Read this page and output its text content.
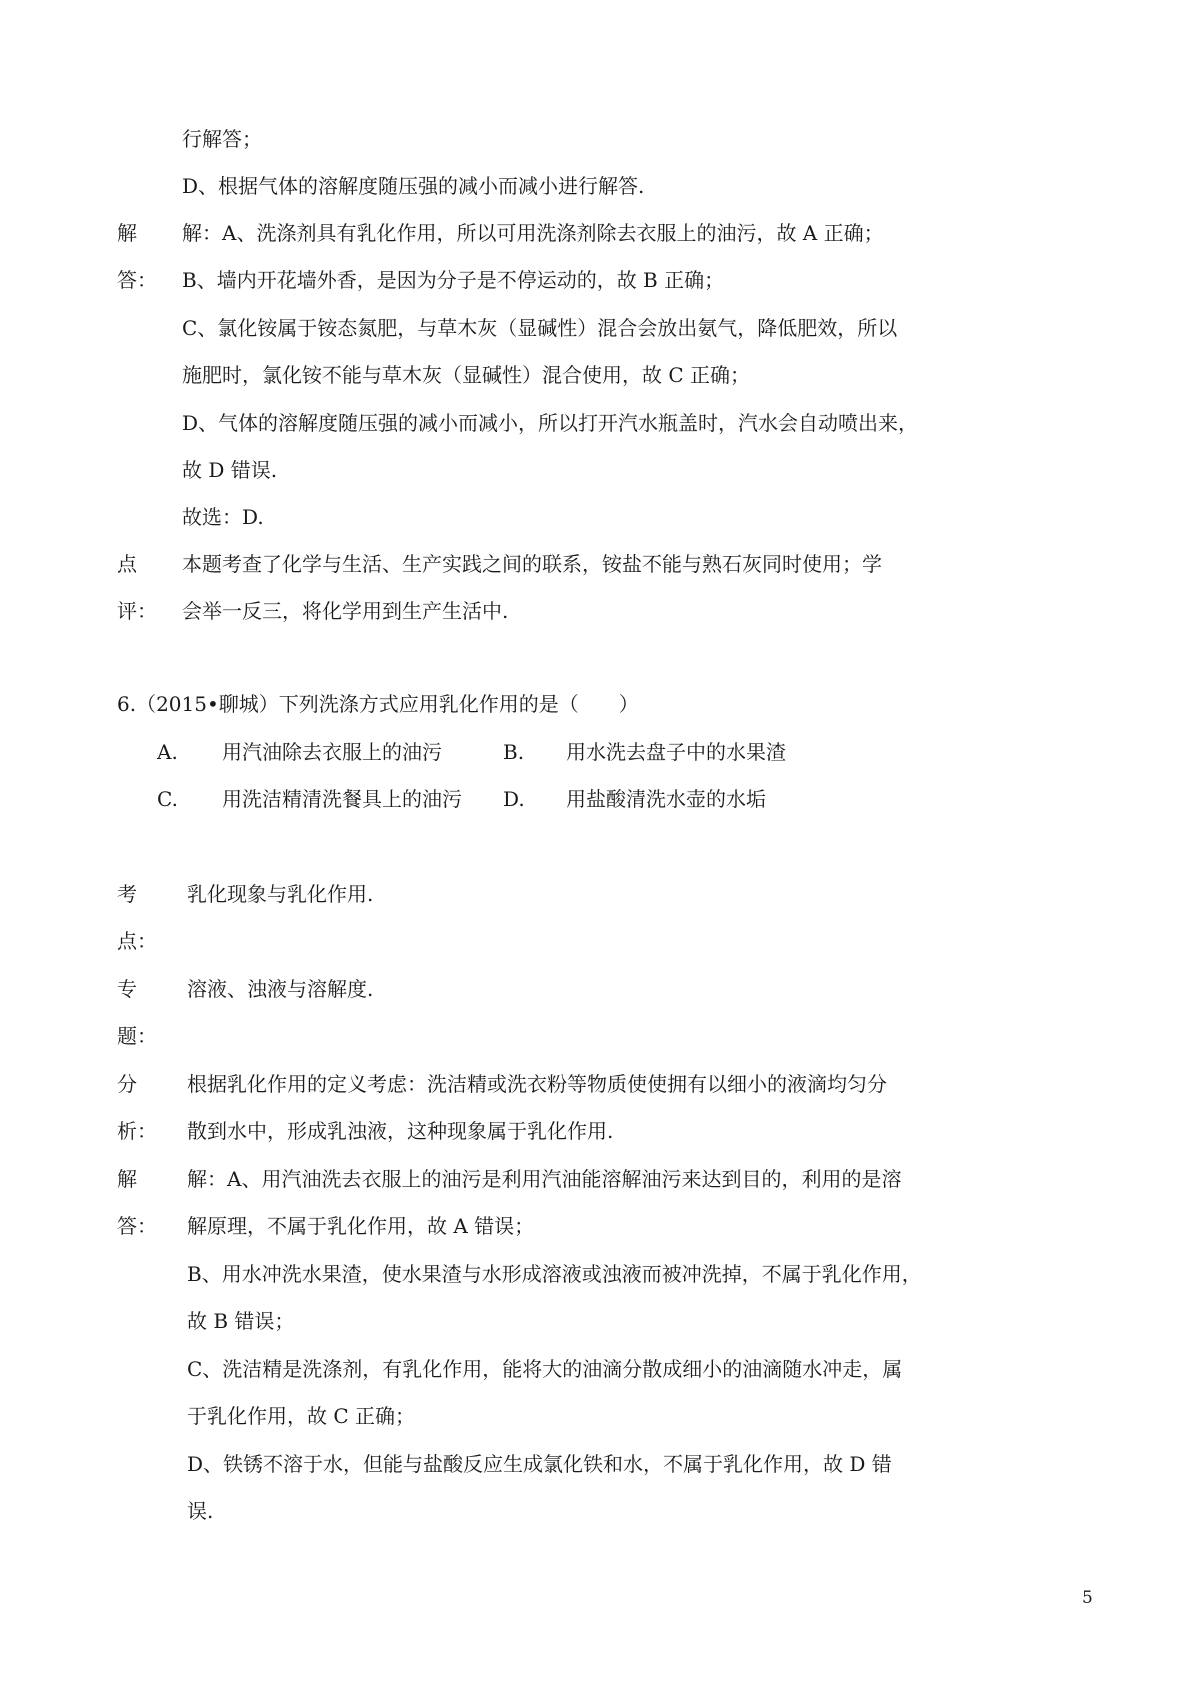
行解答；
D、根据气体的溶解度随压强的减小而减小进行解答.
解
答：
解：A、洗涤剂具有乳化作用，所以可用洗涤剂除去衣服上的油污，故 A 正确；
B、墙内开花墙外香，是因为分子是不停运动的，故 B 正确；
C、氯化铵属于铵态氮肥，与草木灰（显碱性）混合会放出氨气，降低肥效，所以
施肥时，氯化铵不能与草木灰（显碱性）混合使用，故 C 正确；
D、气体的溶解度随压强的减小而减小，所以打开汽水瓶盖时，汽水会自动喷出来，
故 D 错误.
故选：D.
点
评：
本题考查了化学与生活、生产实践之间的联系，铵盐不能与熟石灰同时使用；学
会举一反三，将化学用到生产生活中.
6.（2015•聊城）下列洗涤方式应用乳化作用的是（　　）
A. 用汽油除去衣服上的油污	B. 用水洗去盘子中的水果渣
C. 用洗洁精清洗餐具上的油污 D. 用盐酸清洗水壶的水垢
考
点：
乳化现象与乳化作用.
专
题：
溶液、浊液与溶解度.
分
析：
根据乳化作用的定义考虑：洗洁精或洗衣粉等物质使使拥有以细小的液滴均匀分
散到水中，形成乳浊液，这种现象属于乳化作用.
解
答：
解：A、用汽油洗去衣服上的油污是利用汽油能溶解油污来达到目的，利用的是溶
解原理，不属于乳化作用，故 A 错误；
B、用水冲洗水果渣，使水果渣与水形成溶液或浊液而被冲洗掉，不属于乳化作用，
故 B 错误；
C、洗洁精是洗涤剂，有乳化作用，能将大的油滴分散成细小的油滴随水冲走，属
于乳化作用，故 C 正确；
D、铁锈不溶于水，但能与盐酸反应生成氯化铁和水，不属于乳化作用，故 D 错
误.
5
